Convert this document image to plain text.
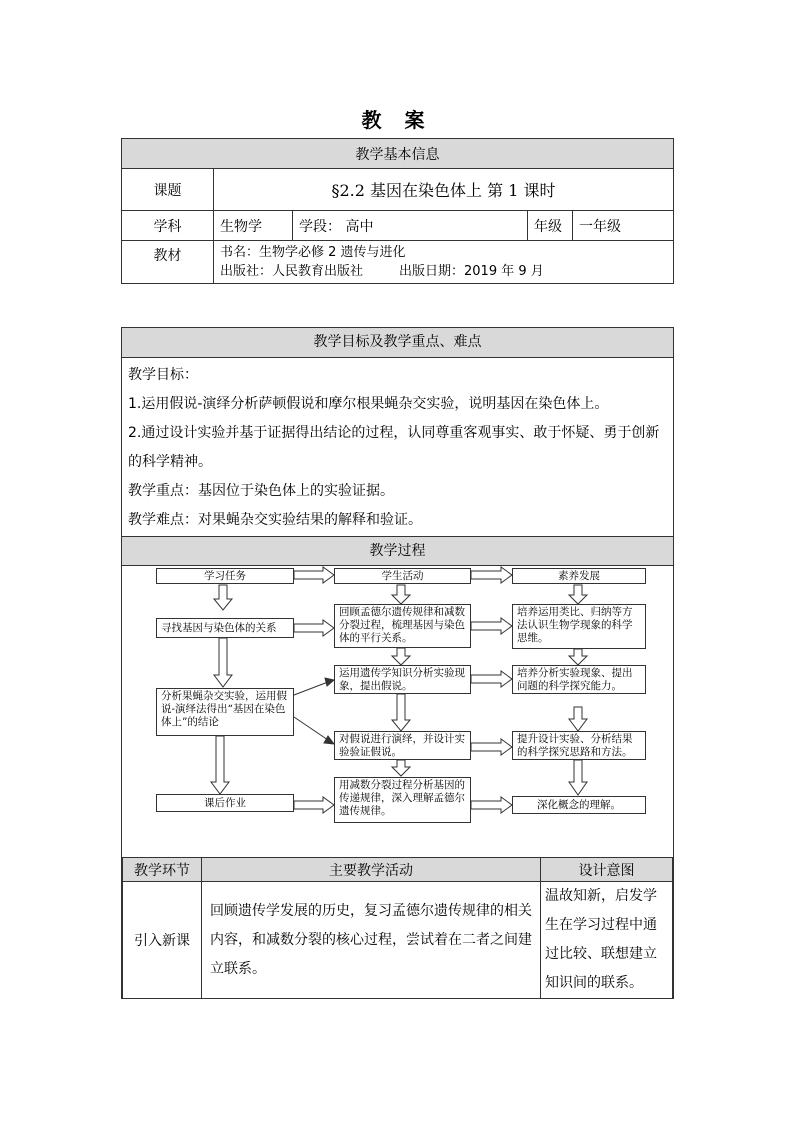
教 案
教学基本信息				
课题	§2.2 基因在染色体上 第 1 课时			
学科	生物学	学段： 高中	年级	一年级
教材	书名：生物学必修 2 遗传与进化
出版社：人民教育出版社 出版日期：2019 年 9 月			
教学目标及教学重点、难点
教学目标：
1.运用假说-演绎分析萨顿假说和摩尔根果蝇杂交实验，说明基因在染色体上。
2.通过设计实验并基于证据得出结论的过程，认同尊重客观事实、敢于怀疑、勇于创新的科学精神。
教学重点：基因位于染色体上的实验证据。
教学难点：对果蝇杂交实验结果的解释和验证。
教学过程
学习任务	学生活动	素养发展
寻找基因与染色体的关系
分析果蝇杂交实验，运用假说-演绎法得出“基因在染色体上”的结论
课后作业
回顾孟德尔遗传规律和减数分裂过程，梳理基因与染色体的平行关系。
运用遗传学知识分析实验现象，提出假说。
对假说进行演绎，并设计实验验证假说。
用减数分裂过程分析基因的传递规律，深入理解孟德尔遗传规律。
培养运用类比、归纳等方法认识生物学现象的科学思维。
培养分析实验现象、提出问题的科学探究能力。
提升设计实验、分析结果的科学探究思路和方法。
深化概念的理解。
教学环节	主要教学活动	设计意图
引入新课	回顾遗传学发展的历史，复习孟德尔遗传规律的相关内容，和减数分裂的核心过程，尝试着在二者之间建立联系。	温故知新，启发学生在学习过程中通过比较、联想建立知识间的联系。
